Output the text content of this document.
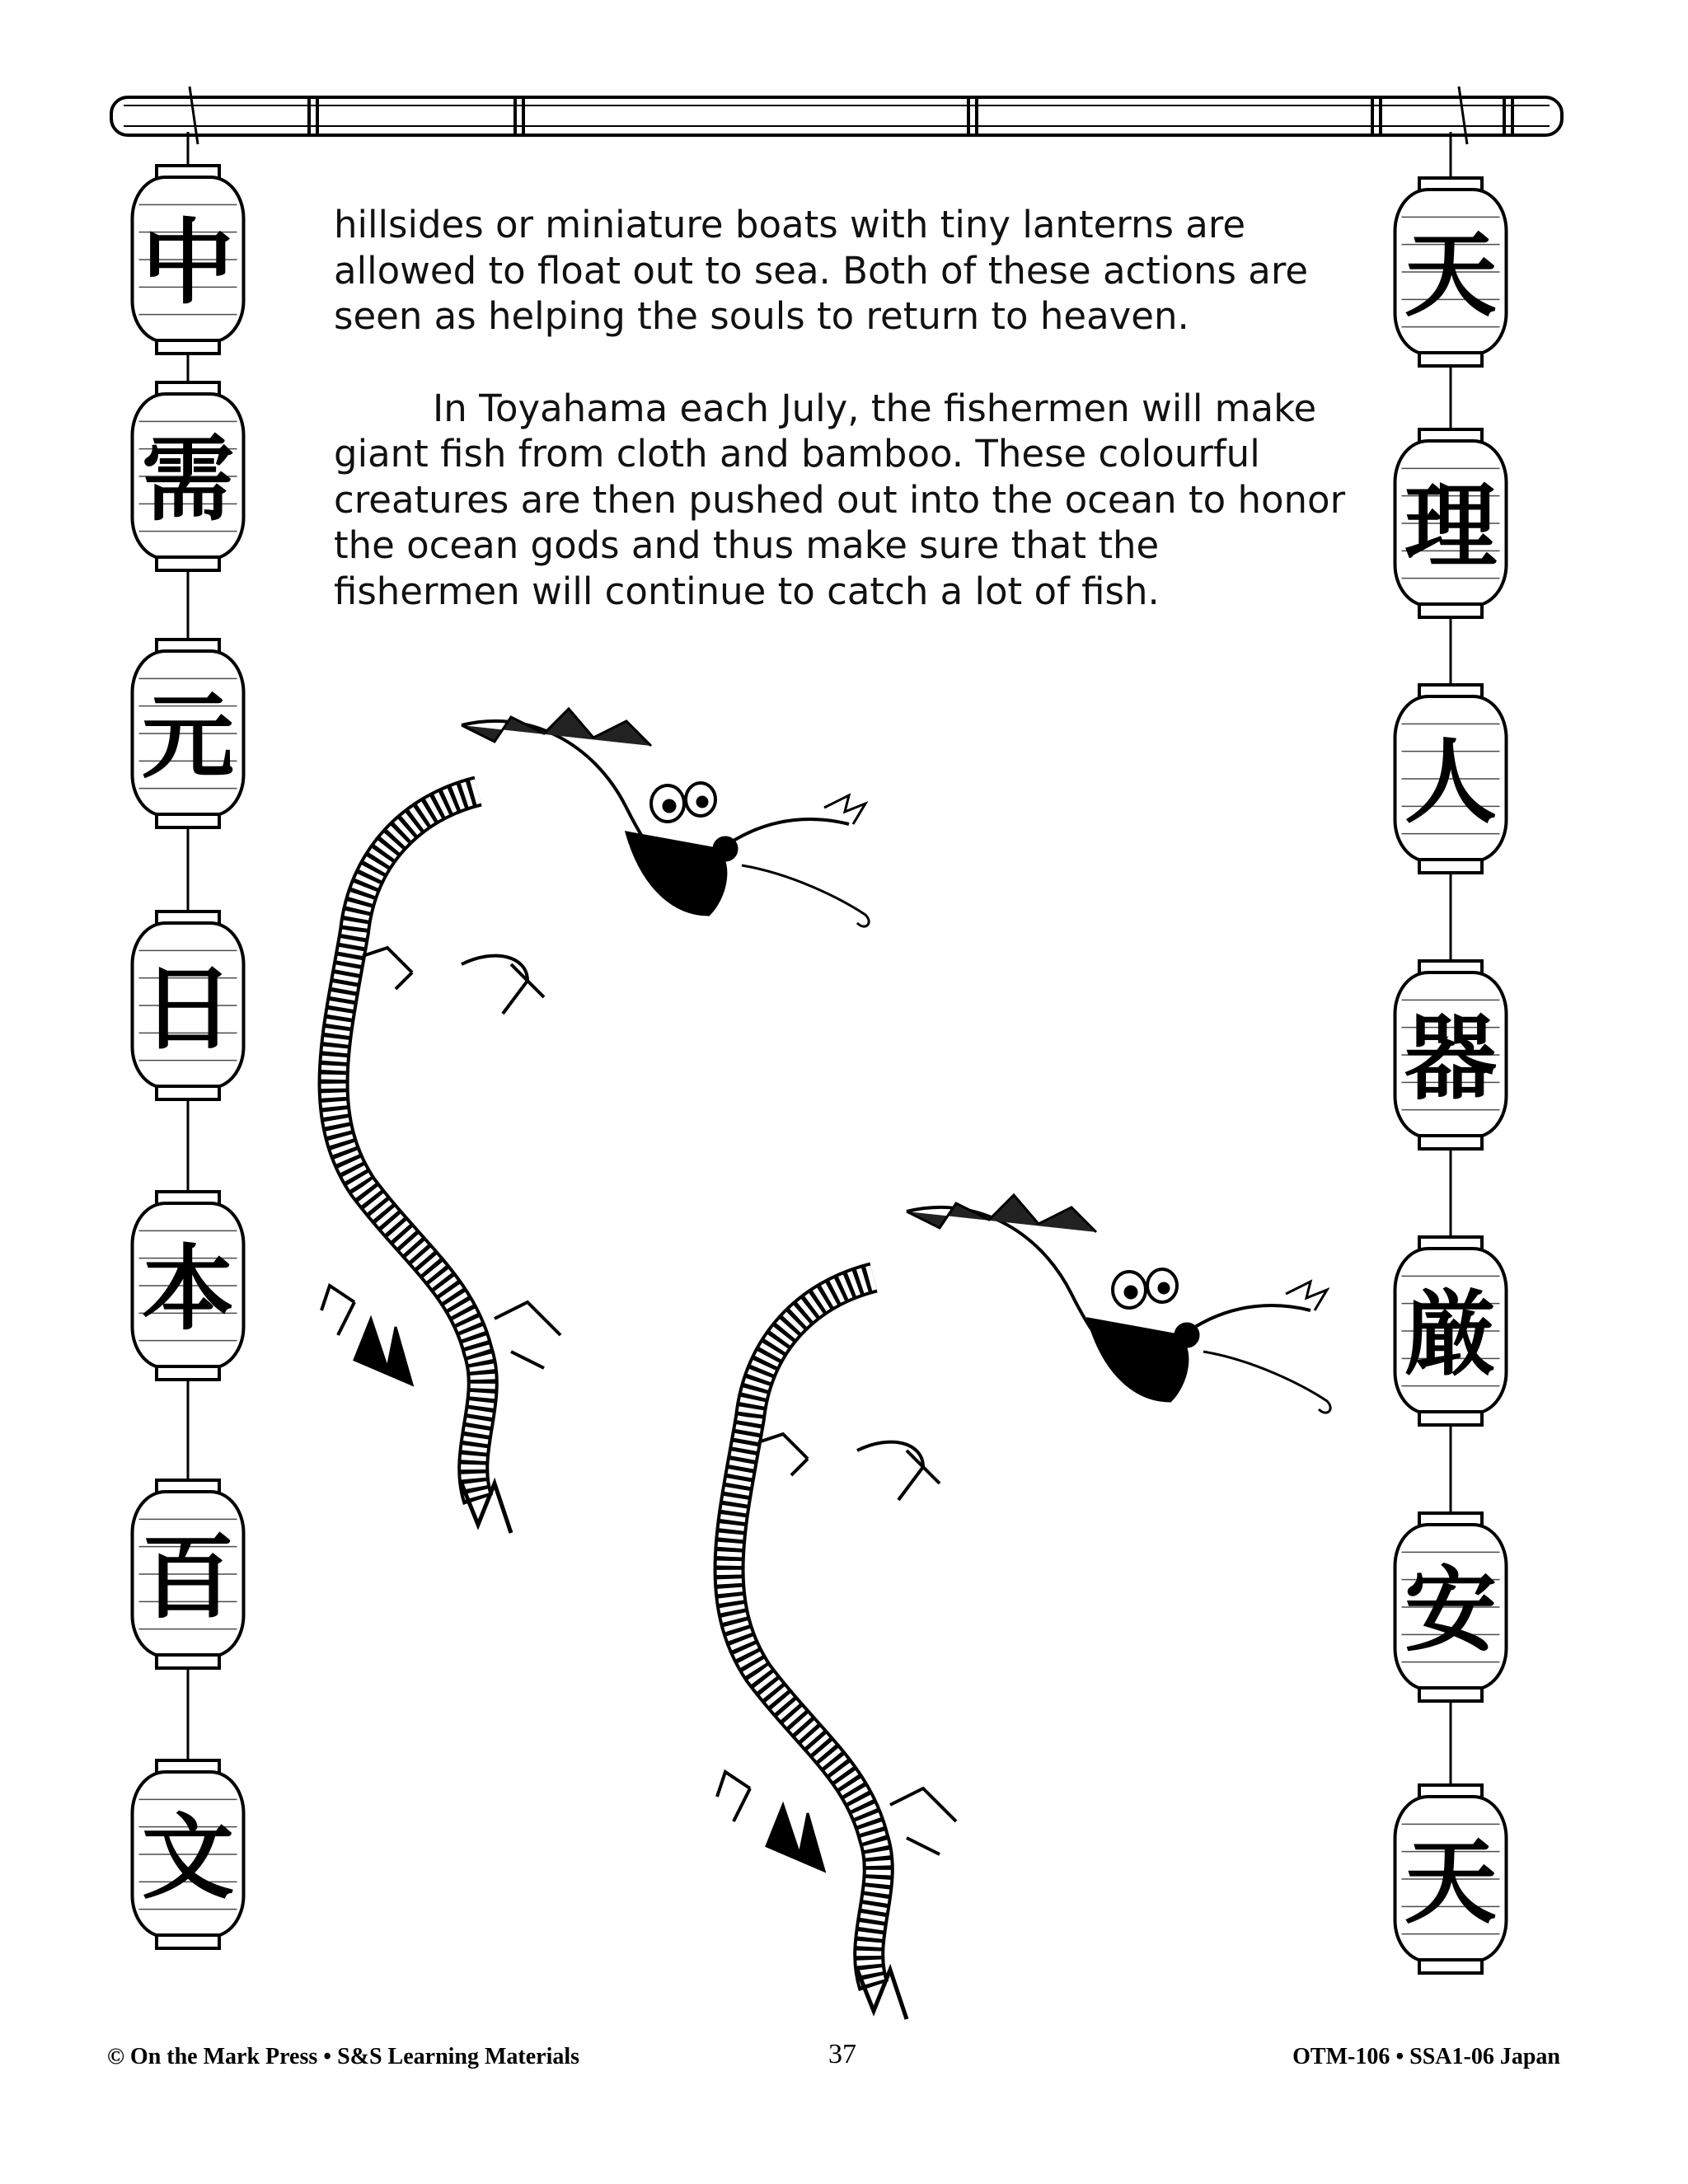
中
需
元
日
本
百
文
天
理
人
器
厳
安
天

hillsides or miniature boats with tiny lanterns are allowed to float out to sea. Both of these actions are seen as helping the souls to return to heaven.

In Toyahama each July, the fishermen will make giant fish from cloth and bamboo. These colourful creatures are then pushed out into the ocean to honor the ocean gods and thus make sure that the fishermen will continue to catch a lot of fish.

© On the Mark Press • S&S Learning Materials	37	OTM-106 • SSA1-06 Japan
